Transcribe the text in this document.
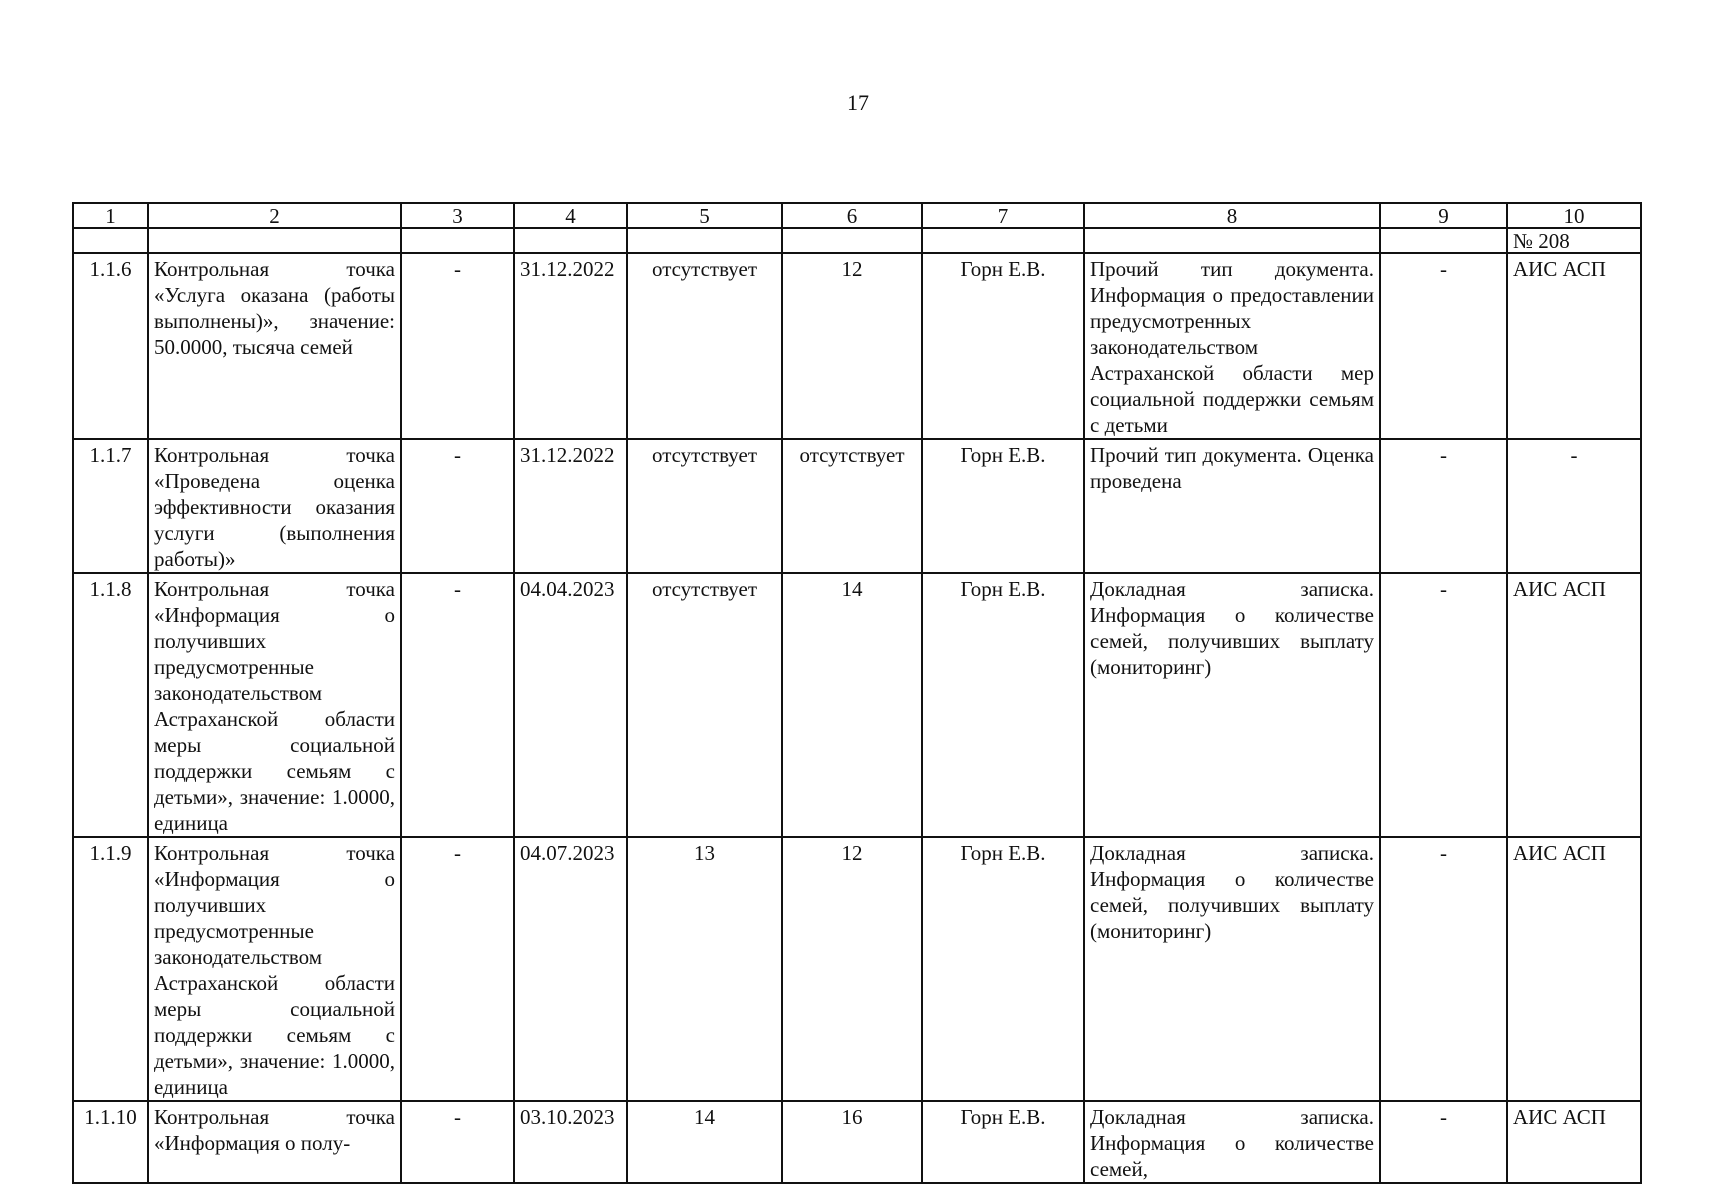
17
1	2	3	4	5	6	7	8	9	10
									№ 208
1.1.6	Контрольная точка «Услуга оказана (работы выполнены)», значение: 50.0000, тысяча семей	-	31.12.2022	отсутствует	12	Горн Е.В.	Прочий тип документа. Информация о предоставлении предусмотренных законодательством Астраханской области мер социальной поддержки семьям с детьми	-	АИС АСП
1.1.7	Контрольная точка «Проведена оценка эффективности оказания услуги (выполнения работы)»	-	31.12.2022	отсутствует	отсутствует	Горн Е.В.	Прочий тип документа. Оценка проведена	-	-
1.1.8	Контрольная точка «Информация о получивших предусмотренные законодательством Астраханской области меры социальной поддержки семьям с детьми», значение: 1.0000, единица	-	04.04.2023	отсутствует	14	Горн Е.В.	Докладная записка. Информация о количестве семей, получивших выплату (мониторинг)	-	АИС АСП
1.1.9	Контрольная точка «Информация о получивших предусмотренные законодательством Астраханской области меры социальной поддержки семьям с детьми», значение: 1.0000, единица	-	04.07.2023	13	12	Горн Е.В.	Докладная записка. Информация о количестве семей, получивших выплату (мониторинг)	-	АИС АСП
1.1.10	Контрольная точка «Информация о полу-	-	03.10.2023	14	16	Горн Е.В.	Докладная записка. Информация о количестве семей,	-	АИС АСП
